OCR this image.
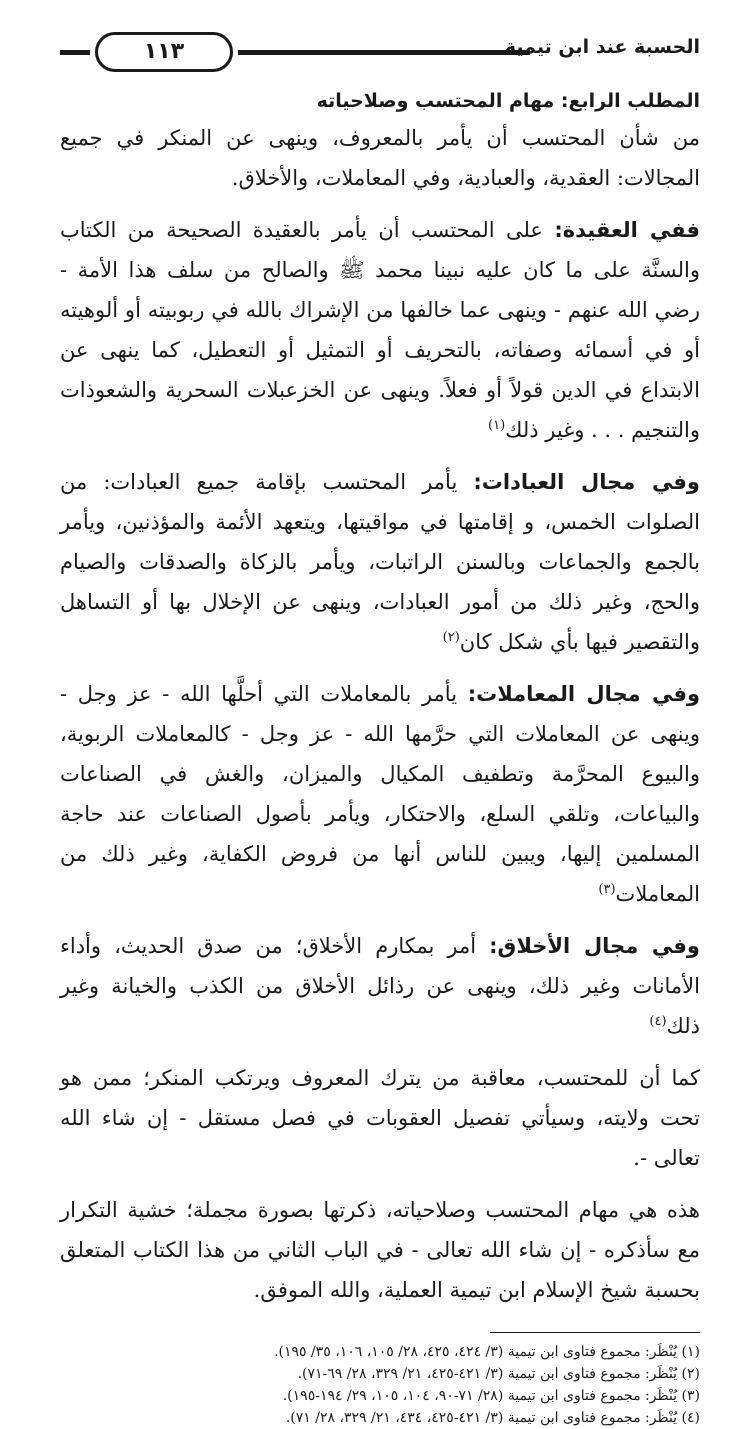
١١٣	الحسبة عند ابن تيمية
المطلب الرابع: مهام المحتسب وصلاحياته

من شأن المحتسب أن يأمر بالمعروف، وينهى عن المنكر في جميع المجالات: العقدية، والعبادية، وفي المعاملات، والأخلاق.

ففي العقيدة: على المحتسب أن يأمر بالعقيدة الصحيحة من الكتاب والسنَّة على ما كان عليه نبينا محمد ﷺ والصالح من سلف هذا الأمة - رضي الله عنهم - وينهى عما خالفها من الإشراك بالله في ربوبيته أو ألوهيته أو في أسمائه وصفاته، بالتحريف أو التمثيل أو التعطيل، كما ينهى عن الابتداع في الدين قولاً أو فعلاً. وينهى عن الخزعبلات السحرية والشعوذات والتنجيم . . . وغير ذلك$^{(١)}$

وفي مجال العبادات: يأمر المحتسب بإقامة جميع العبادات: من الصلوات الخمس، و إقامتها في مواقيتها، ويتعهد الأئمة والمؤذنين، ويأمر بالجمع والجماعات وبالسنن الراتبات، ويأمر بالزكاة والصدقات والصيام والحج، وغير ذلك من أمور العبادات، وينهى عن الإخلال بها أو التساهل والتقصير فيها بأي شكل كان$^{(٢)}$

وفي مجال المعاملات: يأمر بالمعاملات التي أحلَّها الله - عز وجل - وينهى عن المعاملات التي حرَّمها الله - عز وجل - كالمعاملات الربوية، والبيوع المحرَّمة وتطفيف المكيال والميزان، والغش في الصناعات والبياعات، وتلقي السلع، والاحتكار، ويأمر بأصول الصناعات عند حاجة المسلمين إليها، ويبين للناس أنها من فروض الكفاية، وغير ذلك من المعاملات$^{(٣)}$

وفي مجال الأخلاق: أمر بمكارم الأخلاق؛ من صدق الحديث، وأداء الأمانات وغير ذلك، وينهى عن رذائل الأخلاق من الكذب والخيانة وغير ذلك$^{(٤)}$

كما أن للمحتسب، معاقبة من يترك المعروف ويرتكب المنكر؛ ممن هو تحت ولايته، وسيأتي تفصيل العقوبات في فصل مستقل - إن شاء الله تعالى -.

هذه هي مهام المحتسب وصلاحياته، ذكرتها بصورة مجملة؛ خشية التكرار مع سأذكره - إن شاء الله تعالى - في الباب الثاني من هذا الكتاب المتعلق بحسبة شيخ الإسلام ابن تيمية العملية، والله الموفق.

(١) يُنْظَر: مجموع فتاوى ابن تيمية (٣/ ٤٢٤، ٤٢٥، ٢٨/ ١٠٥، ١٠٦، ٣٥/ ١٩٥).

(٢) يُنْظَر: مجموع فتاوى ابن تيمية (٣/ ٤٢١-٤٢٥، ٢١/ ٣٢٩، ٢٨/ ٦٩-٧١).

(٣) يُنْظَر: مجموع فتاوى ابن تيمية (٢٨/ ٧١-٩٠، ١٠٤، ١٠٥، ٢٩/ ١٩٤-١٩٥).

(٤) يُنْظَر: مجموع فتاوى ابن تيمية (٣/ ٤٢١-٤٢٥، ٤٣٤، ٢١/ ٣٢٩، ٢٨/ ٧١).
